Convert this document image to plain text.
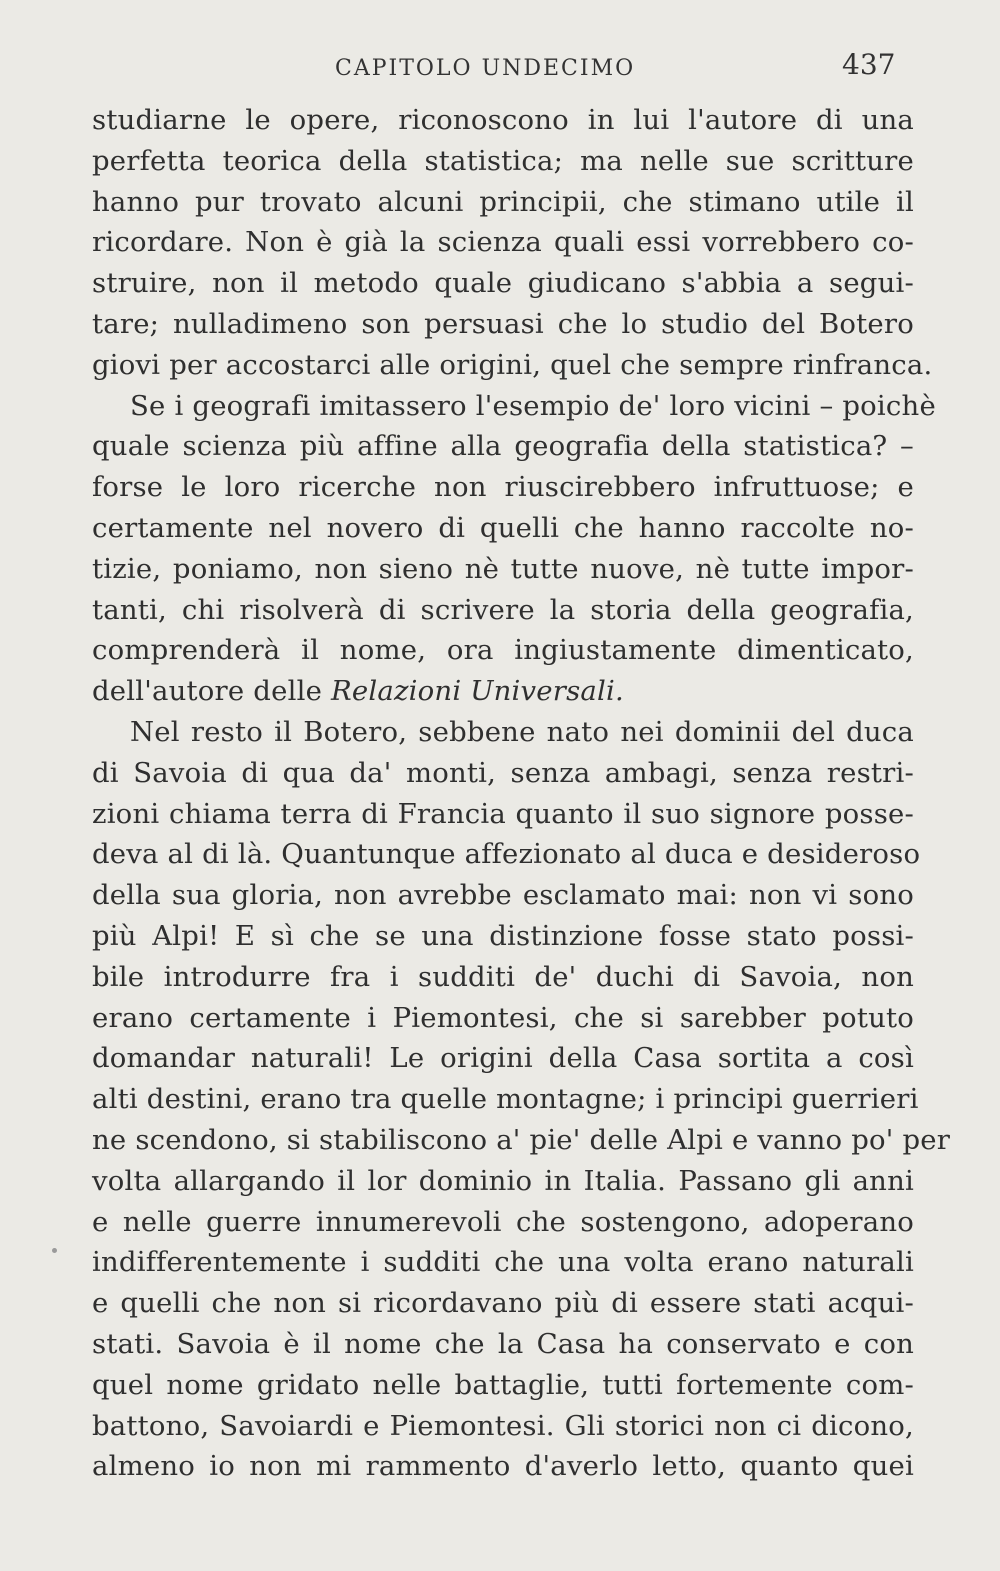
CAPITOLO UNDECIMO	437
studiarne le opere, riconoscono in lui l'autore di una
perfetta teorica della statistica; ma nelle sue scritture
hanno pur trovato alcuni principii, che stimano utile il
ricordare. Non è già la scienza quali essi vorrebbero co-
struire, non il metodo quale giudicano s'abbia a segui-
tare; nulladimeno son persuasi che lo studio del Botero
giovi per accostarci alle origini, quel che sempre rinfranca.
Se i geografi imitassero l'esempio de' loro vicini – poichè
quale scienza più affine alla geografia della statistica? –
forse le loro ricerche non riuscirebbero infruttuose; e
certamente nel novero di quelli che hanno raccolte no-
tizie, poniamo, non sieno nè tutte nuove, nè tutte impor-
tanti, chi risolverà di scrivere la storia della geografia,
comprenderà il nome, ora ingiustamente dimenticato,
dell'autore delle Relazioni Universali.
Nel resto il Botero, sebbene nato nei dominii del duca
di Savoia di qua da' monti, senza ambagi, senza restri-
zioni chiama terra di Francia quanto il suo signore posse-
deva al di là. Quantunque affezionato al duca e desideroso
della sua gloria, non avrebbe esclamato mai: non vi sono
più Alpi! E sì che se una distinzione fosse stato possi-
bile introdurre fra i sudditi de' duchi di Savoia, non
erano certamente i Piemontesi, che si sarebber potuto
domandar naturali! Le origini della Casa sortita a così
alti destini, erano tra quelle montagne; i principi guerrieri
ne scendono, si stabiliscono a' pie' delle Alpi e vanno po' per
volta allargando il lor dominio in Italia. Passano gli anni
e nelle guerre innumerevoli che sostengono, adoperano
indifferentemente i sudditi che una volta erano naturali
e quelli che non si ricordavano più di essere stati acqui-
stati. Savoia è il nome che la Casa ha conservato e con
quel nome gridato nelle battaglie, tutti fortemente com-
battono, Savoiardi e Piemontesi. Gli storici non ci dicono,
almeno io non mi rammento d'averlo letto, quanto quei
